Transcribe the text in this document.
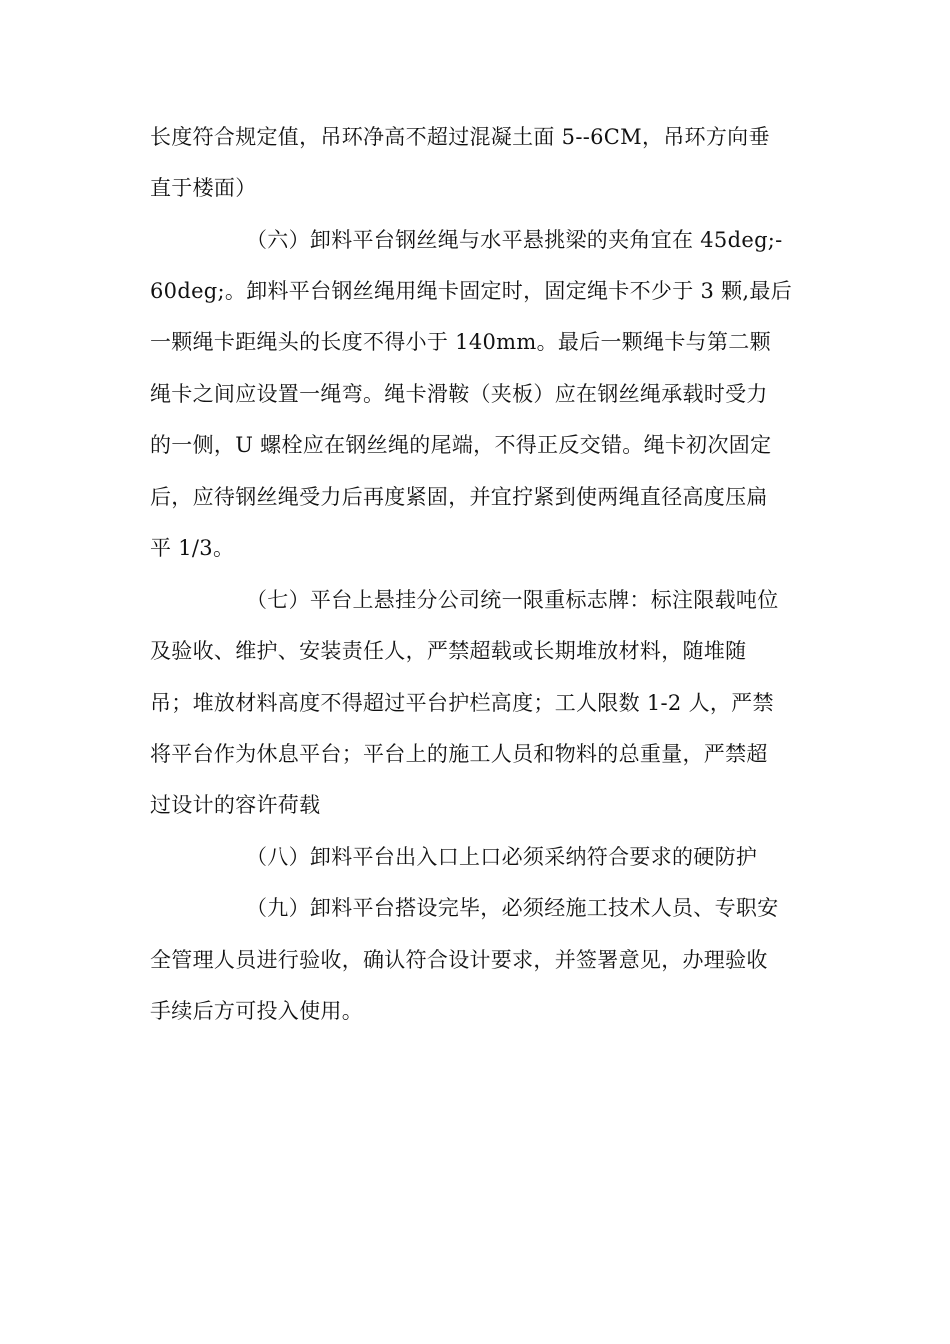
长度符合规定值，吊环净高不超过混凝土面 5--6CM，吊环方向垂
直于楼面）
（六）卸料平台钢丝绳与水平悬挑梁的夹角宜在 45deg;-
60deg;。卸料平台钢丝绳用绳卡固定时，固定绳卡不少于 3 颗,最后
一颗绳卡距绳头的长度不得小于 140mm。最后一颗绳卡与第二颗
绳卡之间应设置一绳弯。绳卡滑鞍（夹板）应在钢丝绳承载时受力
的一侧，U 螺栓应在钢丝绳的尾端，不得正反交错。绳卡初次固定
后，应待钢丝绳受力后再度紧固，并宜拧紧到使两绳直径高度压扁
平 1/3。
（七）平台上悬挂分公司统一限重标志牌：标注限载吨位
及验收、维护、安装责任人，严禁超载或长期堆放材料，随堆随
吊；堆放材料高度不得超过平台护栏高度；工人限数 1-2 人，严禁
将平台作为休息平台；平台上的施工人员和物料的总重量，严禁超
过设计的容许荷载
（八）卸料平台出入口上口必须采纳符合要求的硬防护
（九）卸料平台搭设完毕，必须经施工技术人员、专职安
全管理人员进行验收，确认符合设计要求，并签署意见，办理验收
手续后方可投入使用。
